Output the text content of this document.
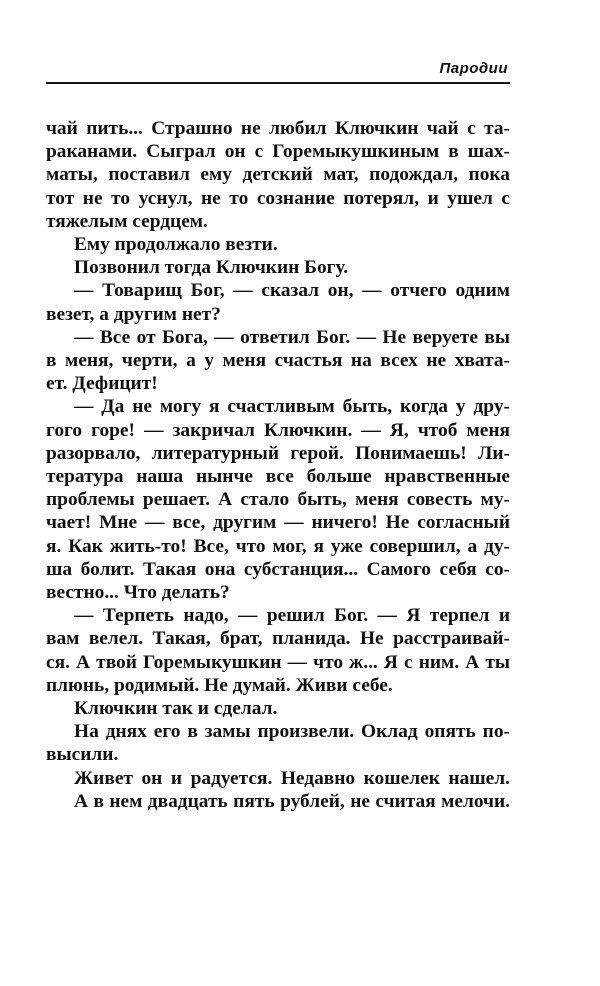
Пародии
чай пить... Страшно не любил Ключкин чай с та-
раканами. Сыграл он с Горемыкушкиным в шах-
маты, поставил ему детский мат, подождал, пока
тот не то уснул, не то сознание потерял, и ушел с
тяжелым сердцем.
Ему продолжало везти.
Позвонил тогда Ключкин Богу.
— Товарищ Бог, — сказал он, — отчего одним
везет, а другим нет?
— Все от Бога, — ответил Бог. — Не веруете вы
в меня, черти, а у меня счастья на всех не хвата-
ет. Дефицит!
— Да не могу я счастливым быть, когда у дру-
гого горе! — закричал Ключкин. — Я, чтоб меня
разорвало, литературный герой. Понимаешь! Ли-
тература наша нынче все больше нравственные
проблемы решает. А стало быть, меня совесть му-
чает! Мне — все, другим — ничего! Не согласный
я. Как жить-то! Все, что мог, я уже совершил, а ду-
ша болит. Такая она субстанция... Самого себя со-
вестно... Что делать?
— Терпеть надо, — решил Бог. — Я терпел и
вам велел. Такая, брат, планида. Не расстраивай-
ся. А твой Горемыкушкин — что ж... Я с ним. А ты
плюнь, родимый. Не думай. Живи себе.
Ключкин так и сделал.
На днях его в замы произвели. Оклад опять по-
высили.
Живет он и радуется. Недавно кошелек нашел.
А в нем двадцать пять рублей, не считая мелочи.
